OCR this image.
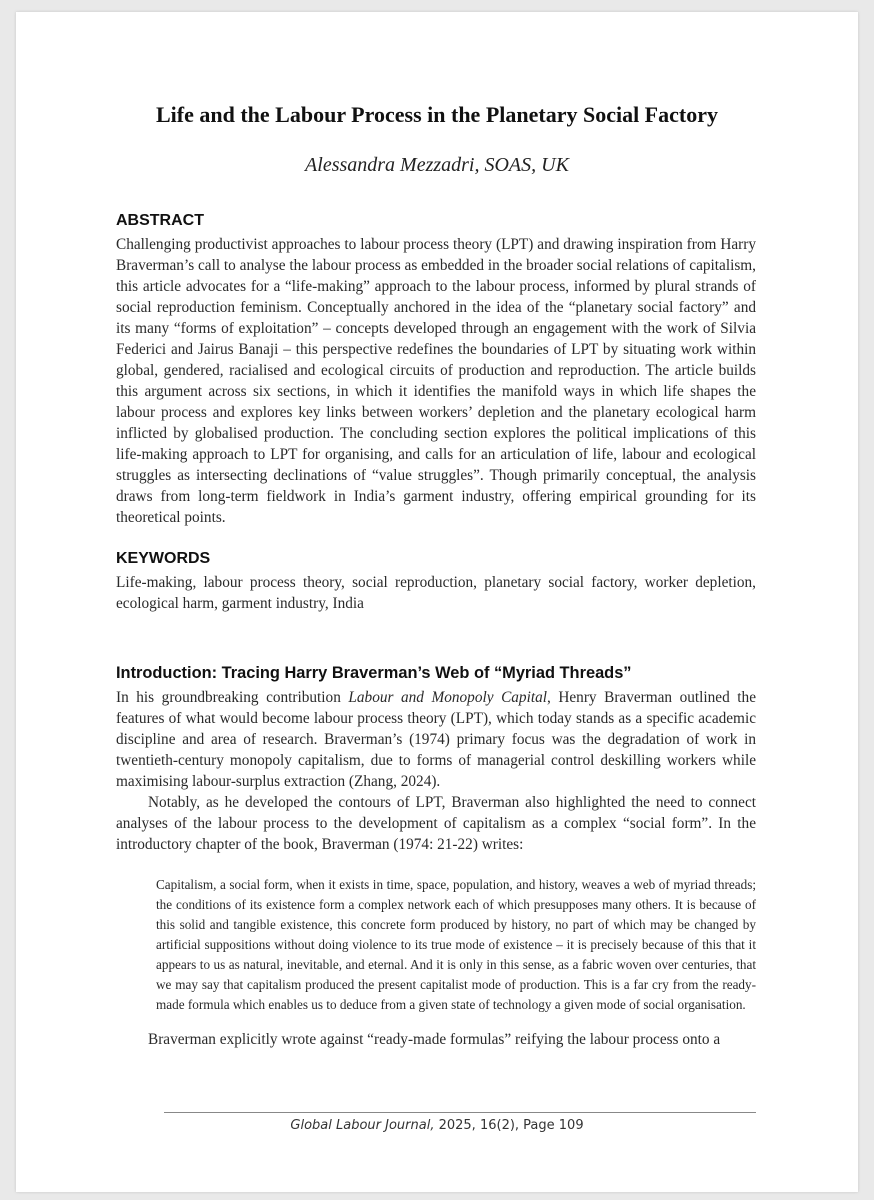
Life and the Labour Process in the Planetary Social Factory
Alessandra Mezzadri, SOAS, UK
ABSTRACT

Challenging productivist approaches to labour process theory (LPT) and drawing inspiration from Harry Braverman’s call to analyse the labour process as embedded in the broader social relations of capitalism, this article advocates for a “life-making” approach to the labour process, informed by plural strands of social reproduction feminism. Conceptually anchored in the idea of the “planetary social factory” and its many “forms of exploitation” – concepts developed through an engagement with the work of Silvia Federici and Jairus Banaji – this perspective redefines the boundaries of LPT by situating work within global, gendered, racialised and ecological circuits of production and reproduction. The article builds this argument across six sections, in which it identifies the manifold ways in which life shapes the labour process and explores key links between workers’ depletion and the planetary ecological harm inflicted by globalised production. The concluding section explores the political implications of this life-making approach to LPT for organising, and calls for an articulation of life, labour and ecological struggles as intersecting declinations of “value struggles”. Though primarily conceptual, the analysis draws from long-term fieldwork in India’s garment industry, offering empirical grounding for its theoretical points.

KEYWORDS

Life-making, labour process theory, social reproduction, planetary social factory, worker depletion, ecological harm, garment industry, India

Introduction: Tracing Harry Braverman’s Web of “Myriad Threads”

In his groundbreaking contribution Labour and Monopoly Capital, Henry Braverman outlined the features of what would become labour process theory (LPT), which today stands as a specific academic discipline and area of research. Braverman’s (1974) primary focus was the degradation of work in twentieth-century monopoly capitalism, due to forms of managerial control deskilling workers while maximising labour-surplus extraction (Zhang, 2024).

Notably, as he developed the contours of LPT, Braverman also highlighted the need to connect analyses of the labour process to the development of capitalism as a complex “social form”. In the introductory chapter of the book, Braverman (1974: 21-22) writes:

Capitalism, a social form, when it exists in time, space, population, and history, weaves a web of myriad threads; the conditions of its existence form a complex network each of which presupposes many others. It is because of this solid and tangible existence, this concrete form produced by history, no part of which may be changed by artificial suppositions without doing violence to its true mode of existence – it is precisely because of this that it appears to us as natural, inevitable, and eternal. And it is only in this sense, as a fabric woven over centuries, that we may say that capitalism produced the present capitalist mode of production. This is a far cry from the ready-made formula which enables us to deduce from a given state of technology a given mode of social organisation.

Braverman explicitly wrote against “ready-made formulas” reifying the labour process onto a

Global Labour Journal, 2025, 16(2), Page 109
